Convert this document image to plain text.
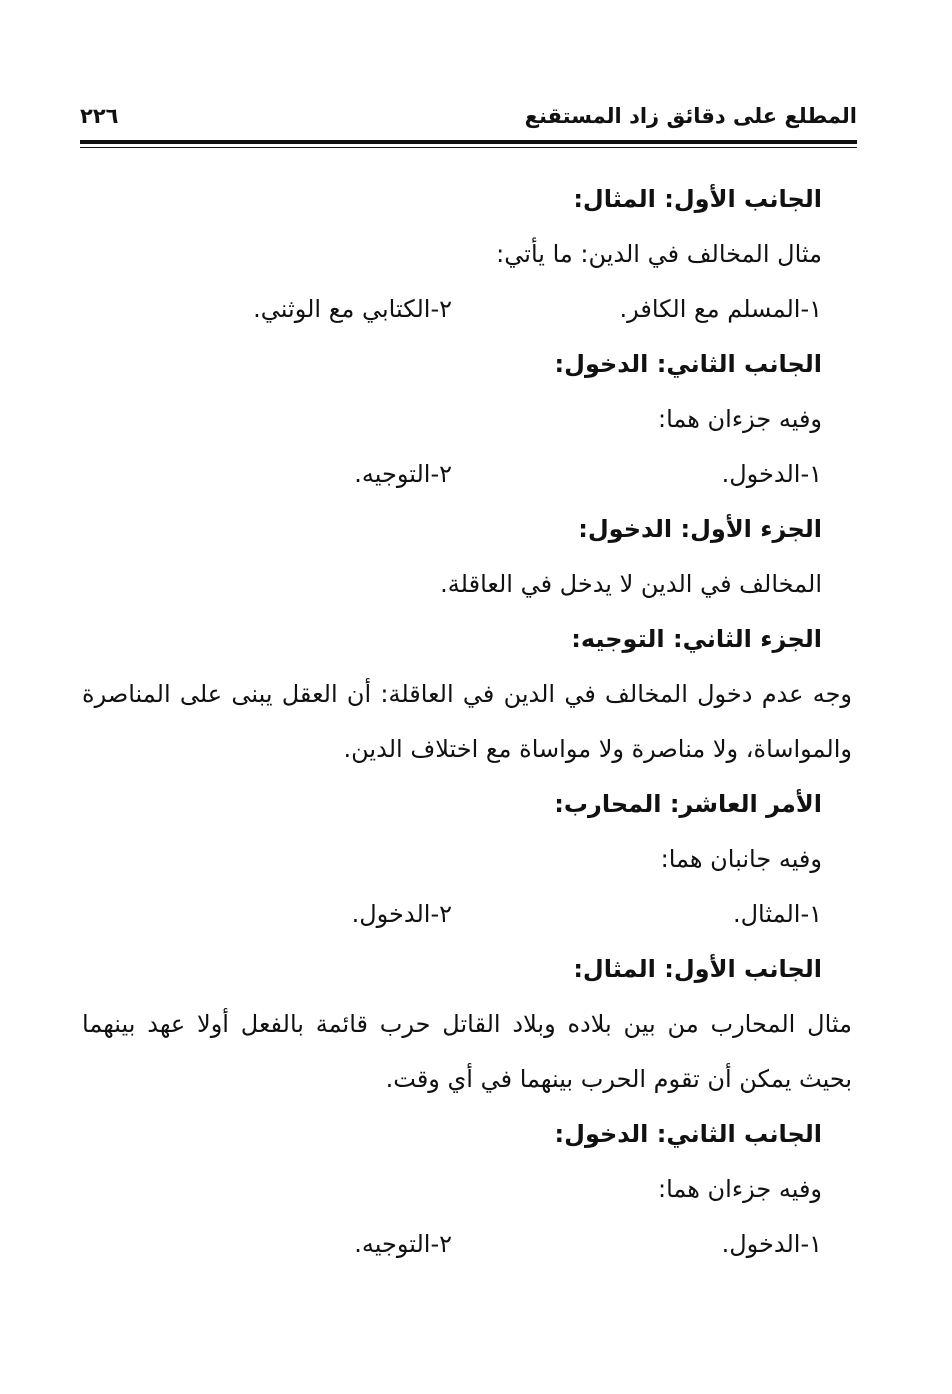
المطلع على دقائق زاد المستقنع
٢٢٦
الجانب الأول: المثال:
مثال المخالف في الدين: ما يأتي:
١-المسلم مع الكافر.
٢-الكتابي مع الوثني.
الجانب الثاني: الدخول:
وفيه جزءان هما:
١-الدخول.
٢-التوجيه.
الجزء الأول: الدخول:
المخالف في الدين لا يدخل في العاقلة.
الجزء الثاني: التوجيه:
وجه عدم دخول المخالف في الدين في العاقلة: أن العقل يبنى على المناصرة
والمواساة، ولا مناصرة ولا مواساة مع اختلاف الدين.
الأمر العاشر: المحارب:
وفيه جانبان هما:
١-المثال.
٢-الدخول.
الجانب الأول: المثال:
مثال المحارب من بين بلاده وبلاد القاتل حرب قائمة بالفعل أولا عهد بينهما
بحيث يمكن أن تقوم الحرب بينهما في أي وقت.
الجانب الثاني: الدخول:
وفيه جزءان هما:
١-الدخول.
٢-التوجيه.
